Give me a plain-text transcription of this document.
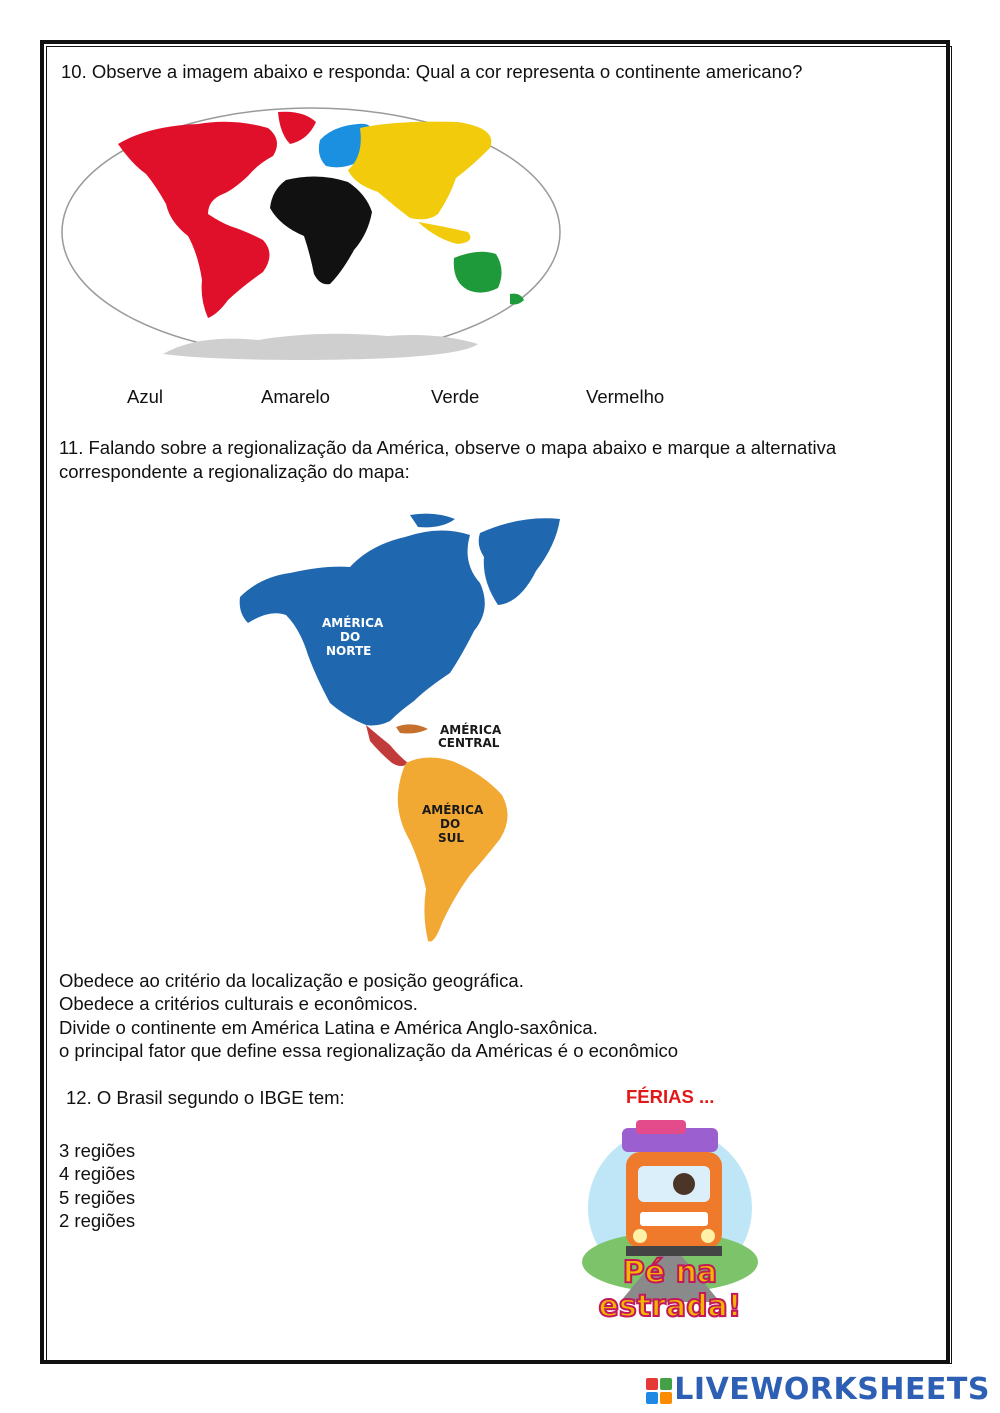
10. Observe a imagem abaixo e responda: Qual a cor representa o continente americano?
Azul	Amarelo	Verde	Vermelho
11. Falando sobre a regionalização da América, observe o mapa abaixo e marque a alternativa
correspondente a regionalização do mapa:
AMÉRICA
DO
NORTE
AMÉRICA
CENTRAL
AMÉRICA
DO
SUL
Obedece ao critério da localização e posição geográfica.
Obedece a critérios culturais e econômicos.
Divide o continente em América Latina e América Anglo-saxônica.
o principal fator que define essa regionalização da Américas é o econômico
12. O Brasil segundo o IBGE tem:
3 regiões
4 regiões
5 regiões
2 regiões
FÉRIAS ...
Pé na
estrada!
LIVEWORKSHEETS
